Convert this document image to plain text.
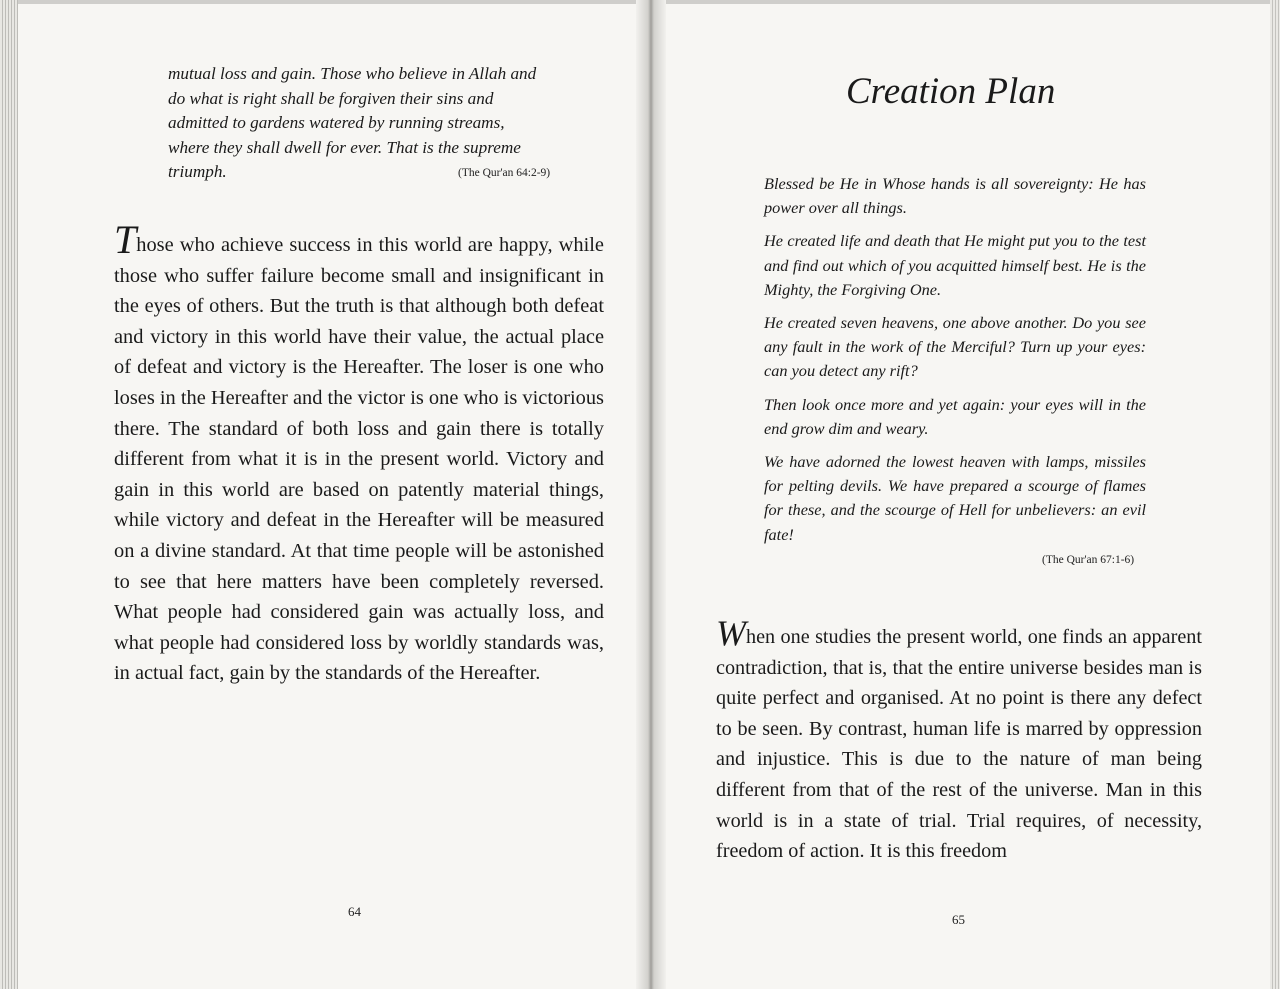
mutual loss and gain. Those who believe in Allah and do what is right shall be forgiven their sins and admitted to gardens watered by running streams, where they shall dwell for ever. That is the supreme triumph.	(The Qur'an 64:2-9)

Those who achieve success in this world are happy, while those who suffer failure become small and insignificant in the eyes of others. But the truth is that although both defeat and victory in this world have their value, the actual place of defeat and victory is the Hereafter. The loser is one who loses in the Hereafter and the victor is one who is victorious there. The standard of both loss and gain there is totally different from what it is in the present world. Victory and gain in this world are based on patently material things, while victory and defeat in the Hereafter will be measured on a divine standard. At that time people will be astonished to see that here matters have been completely reversed. What people had considered gain was actually loss, and what people had considered loss by worldly standards was, in actual fact, gain by the standards of the Hereafter.

64
Creation Plan

Blessed be He in Whose hands is all sovereignty: He has power over all things.

He created life and death that He might put you to the test and find out which of you acquitted himself best. He is the Mighty, the Forgiving One.

He created seven heavens, one above another. Do you see any fault in the work of the Merciful? Turn up your eyes: can you detect any rift?

Then look once more and yet again: your eyes will in the end grow dim and weary.

We have adorned the lowest heaven with lamps, missiles for pelting devils. We have prepared a scourge of flames for these, and the scourge of Hell for unbelievers: an evil fate!

(The Qur'an 67:1-6)

When one studies the present world, one finds an apparent contradiction, that is, that the entire universe besides man is quite perfect and organised. At no point is there any defect to be seen. By contrast, human life is marred by oppression and injustice. This is due to the nature of man being different from that of the rest of the universe. Man in this world is in a state of trial. Trial requires, of necessity, freedom of action. It is this freedom

65
